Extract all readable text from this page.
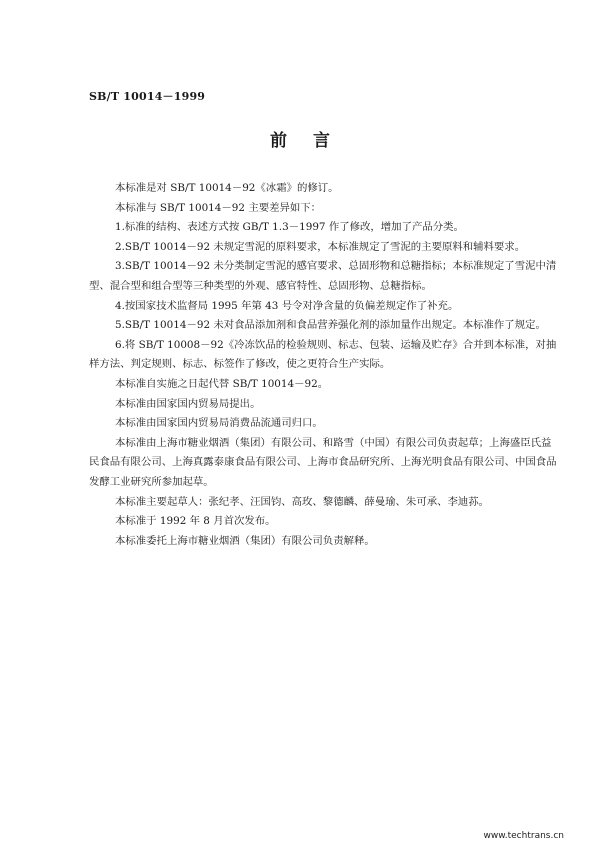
SB/T 10014－1999
前言

本标准是对 SB/T 10014－92《冰霜》的修订。

本标准与 SB/T 10014－92 主要差异如下：

1.标准的结构、表述方式按 GB/T 1.3－1997 作了修改，增加了产品分类。

2.SB/T 10014－92 未规定雪泥的原料要求，本标准规定了雪泥的主要原料和辅料要求。

3.SB/T 10014－92 未分类制定雪泥的感官要求、总固形物和总糖指标；本标准规定了雪泥中清型、混合型和组合型等三种类型的外观、感官特性、总固形物、总糖指标。

4.按国家技术监督局 1995 年第 43 号令对净含量的负偏差规定作了补充。

5.SB/T 10014－92 未对食品添加剂和食品营养强化剂的添加量作出规定。本标准作了规定。

6.将 SB/T 10008－92《冷冻饮品的检验规则、标志、包装、运输及贮存》合并到本标准，对抽样方法、判定规则、标志、标签作了修改，使之更符合生产实际。

本标准自实施之日起代替 SB/T 10014－92。

本标准由国家国内贸易局提出。

本标准由国家国内贸易局消费品流通司归口。

本标准由上海市糖业烟酒（集团）有限公司、和路雪（中国）有限公司负责起草；上海盛臣氏益民食品有限公司、上海真露泰康食品有限公司、上海市食品研究所、上海光明食品有限公司、中国食品发酵工业研究所参加起草。

本标准主要起草人：张纪孝、汪国钧、高玫、黎德麟、薛曼瑜、朱可承、李迪荪。

本标准于 1992 年 8 月首次发布。

本标准委托上海市糖业烟酒（集团）有限公司负责解释。

www.techtrans.cn
